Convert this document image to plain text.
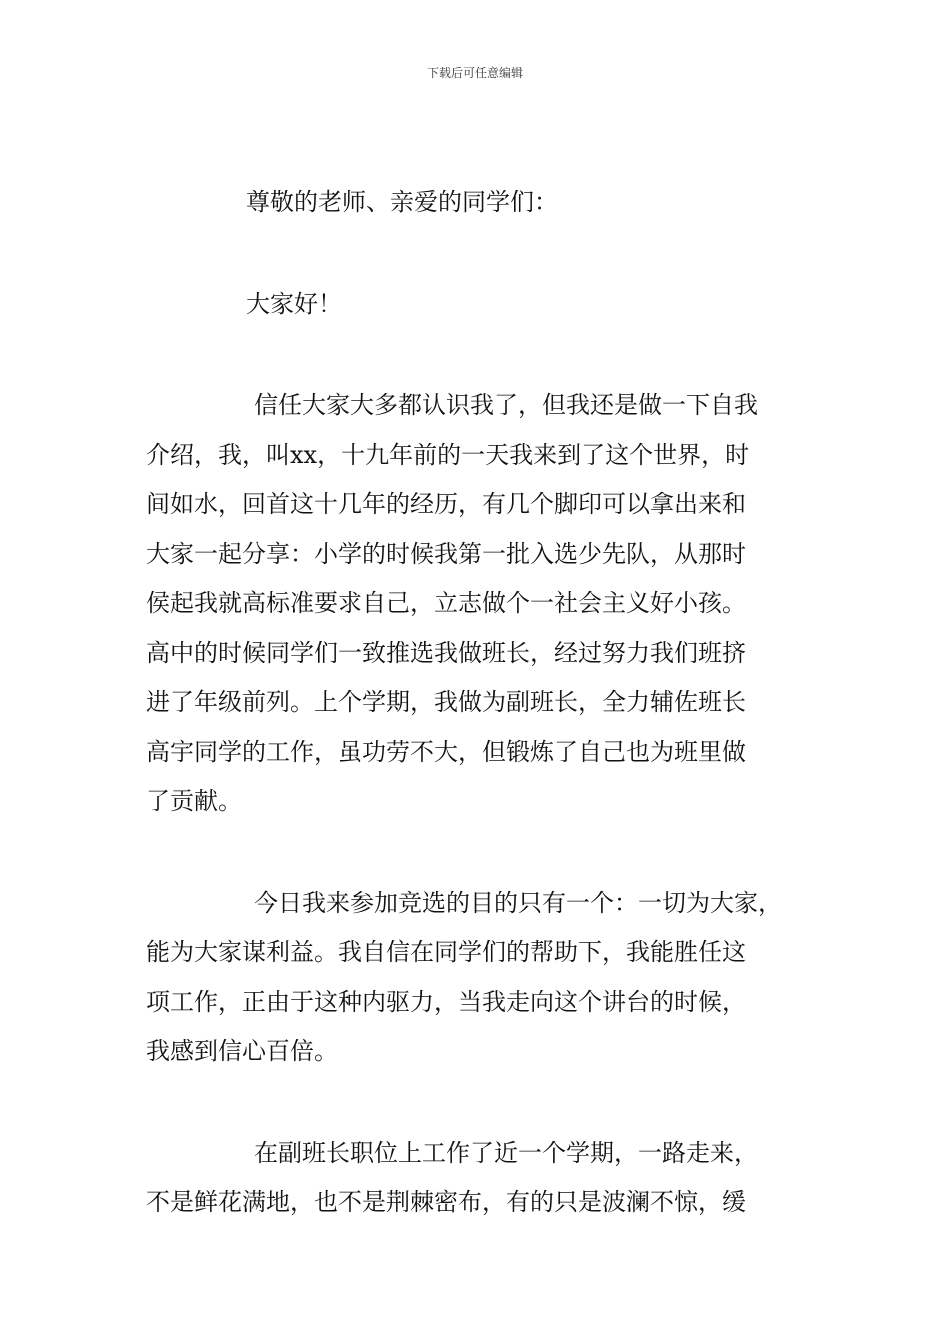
下载后可任意编辑

尊敬的老师、亲爱的同学们：

大家好！

信任大家大多都认识我了，但我还是做一下自我
介绍，我，叫xx，十九年前的一天我来到了这个世界，时
间如水，回首这十几年的经历，有几个脚印可以拿出来和
大家一起分享：小学的时候我第一批入选少先队，从那时
侯起我就高标准要求自己，立志做个一社会主义好小孩。
高中的时候同学们一致推选我做班长，经过努力我们班挤
进了年级前列。上个学期，我做为副班长，全力辅佐班长
高宇同学的工作，虽功劳不大，但锻炼了自己也为班里做
了贡献。
今日我来参加竞选的目的只有一个：一切为大家，
能为大家谋利益。我自信在同学们的帮助下，我能胜任这
项工作，正由于这种内驱力，当我走向这个讲台的时候，
我感到信心百倍。
在副班长职位上工作了近一个学期，一路走来，
不是鲜花满地，也不是荆棘密布，有的只是波澜不惊，缓
